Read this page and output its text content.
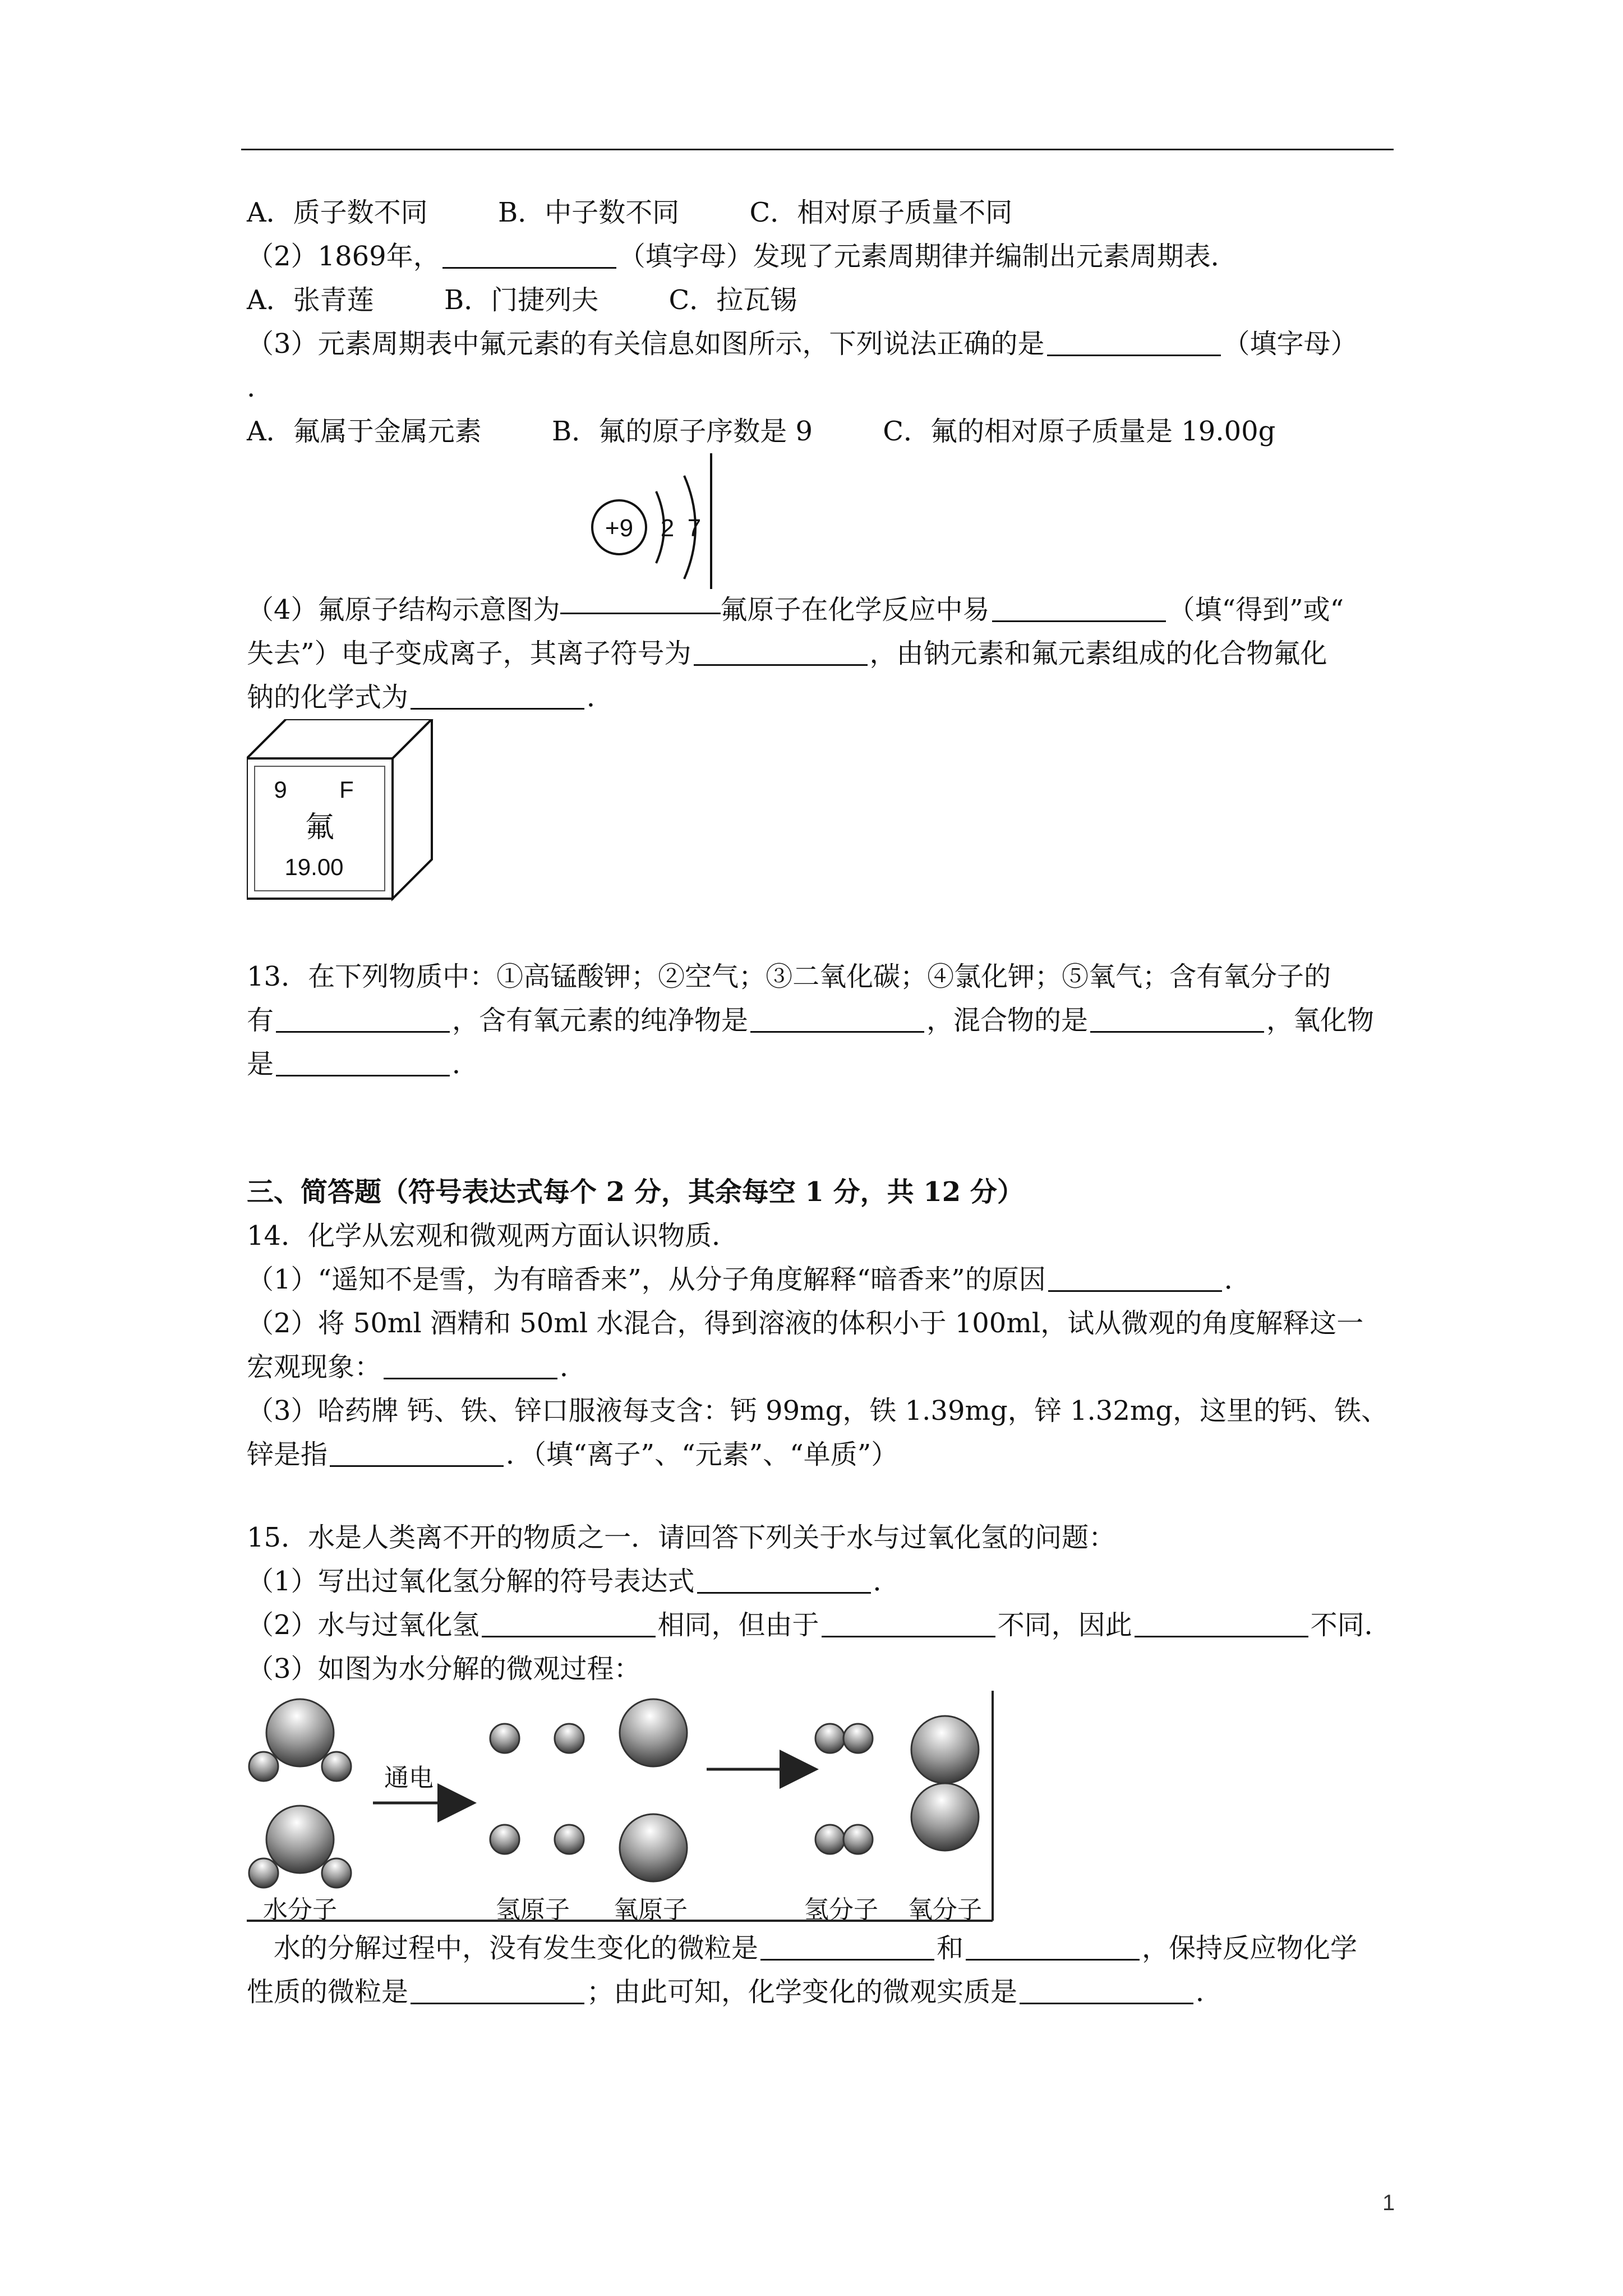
A．质子数不同	B．中子数不同	C．相对原子质量不同
（2）1869年，	（填字母）发现了元素周期律并编制出元素周期表．
A．张青莲	B．门捷列夫	C．拉瓦锡
（3）元素周期表中氟元素的有关信息如图所示，下列说法正确的是	（填字母）
.
A．氟属于金属元素	B．氟的原子序数是 9	C．氟的相对原子质量是 19.00g
+9 2 7
（4）氟原子结构示意图为	氟原子在化学反应中易	（填“得到”或“
失去”）电子变成离子，其离子符号为	，由钠元素和氟元素组成的化合物氟化
钠的化学式为	．
9 F
氟
19.00
13．在下列物质中：①高锰酸钾；②空气；③二氧化碳；④氯化钾；⑤氧气；含有氧分子的
有	，含有氧元素的纯净物是	，混合物的是	，氧化物
是	．
三、简答题（符号表达式每个 2 分，其余每空 1 分，共 12 分）
14．化学从宏观和微观两方面认识物质．
（1）“遥知不是雪，为有暗香来”，从分子角度解释“暗香来”的原因	．
（2）将 50ml 酒精和 50ml 水混合，得到溶液的体积小于 100ml，试从微观的角度解释这一
宏观现象：	．
（3）哈药牌 钙、铁、锌口服液每支含：钙 99mg，铁 1.39mg，锌 1.32mg，这里的钙、铁、
锌是指	．（填“离子”、“元素”、“单质”）
15．水是人类离不开的物质之一．请回答下列关于水与过氧化氢的问题：
（1）写出过氧化氢分解的符号表达式	．
（2）水与过氧化氢	相同，但由于	不同，因此	不同．
（3）如图为水分解的微观过程：
通电
水分子	氢原子 氧原子	氢分子 氧分子
水的分解过程中，没有发生变化的微粒是	和	，保持反应物化学
性质的微粒是	；由此可知，化学变化的微观实质是	．
1
